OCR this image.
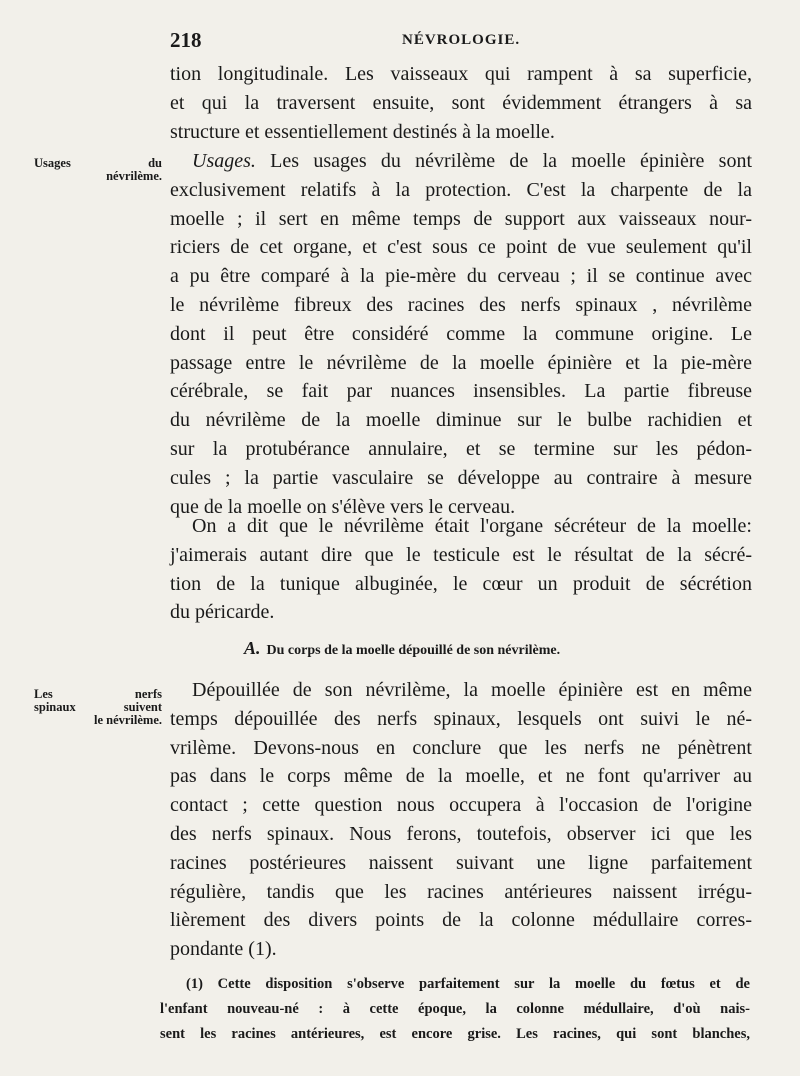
218	NÉVROLOGIE.
tion longitudinale. Les vaisseaux qui rampent à sa superficie,
et qui la traversent ensuite, sont évidemment étrangers à sa
structure et essentiellement destinés à la moelle.
Usages du
névrilème.
Usages. Les usages du névrilème de la moelle épinière sont
exclusivement relatifs à la protection. C'est la charpente de la
moelle ; il sert en même temps de support aux vaisseaux nour-
riciers de cet organe, et c'est sous ce point de vue seulement qu'il
a pu être comparé à la pie-mère du cerveau ; il se continue avec
le névrilème fibreux des racines des nerfs spinaux , névrilème
dont il peut être considéré comme la commune origine. Le
passage entre le névrilème de la moelle épinière et la pie-mère
cérébrale, se fait par nuances insensibles. La partie fibreuse
du névrilème de la moelle diminue sur le bulbe rachidien et
sur la protubérance annulaire, et se termine sur les pédon-
cules ; la partie vasculaire se développe au contraire à mesure
que de la moelle on s'élève vers le cerveau.
On a dit que le névrilème était l'organe sécréteur de la moelle:
j'aimerais autant dire que le testicule est le résultat de la sécré-
tion de la tunique albuginée, le cœur un produit de sécrétion
du péricarde.
A. Du corps de la moelle dépouillé de son névrilème.
Les nerfs
spinaux suivent
le névrilème.
Dépouillée de son névrilème, la moelle épinière est en même
temps dépouillée des nerfs spinaux, lesquels ont suivi le né-
vrilème. Devons-nous en conclure que les nerfs ne pénètrent
pas dans le corps même de la moelle, et ne font qu'arriver au
contact ; cette question nous occupera à l'occasion de l'origine
des nerfs spinaux. Nous ferons, toutefois, observer ici que les
racines postérieures naissent suivant une ligne parfaitement
régulière, tandis que les racines antérieures naissent irrégu-
lièrement des divers points de la colonne médullaire corres-
pondante (1).
(1) Cette disposition s'observe parfaitement sur la moelle du fœtus et de
l'enfant nouveau-né : à cette époque, la colonne médullaire, d'où nais-
sent les racines antérieures, est encore grise. Les racines, qui sont blanches,
